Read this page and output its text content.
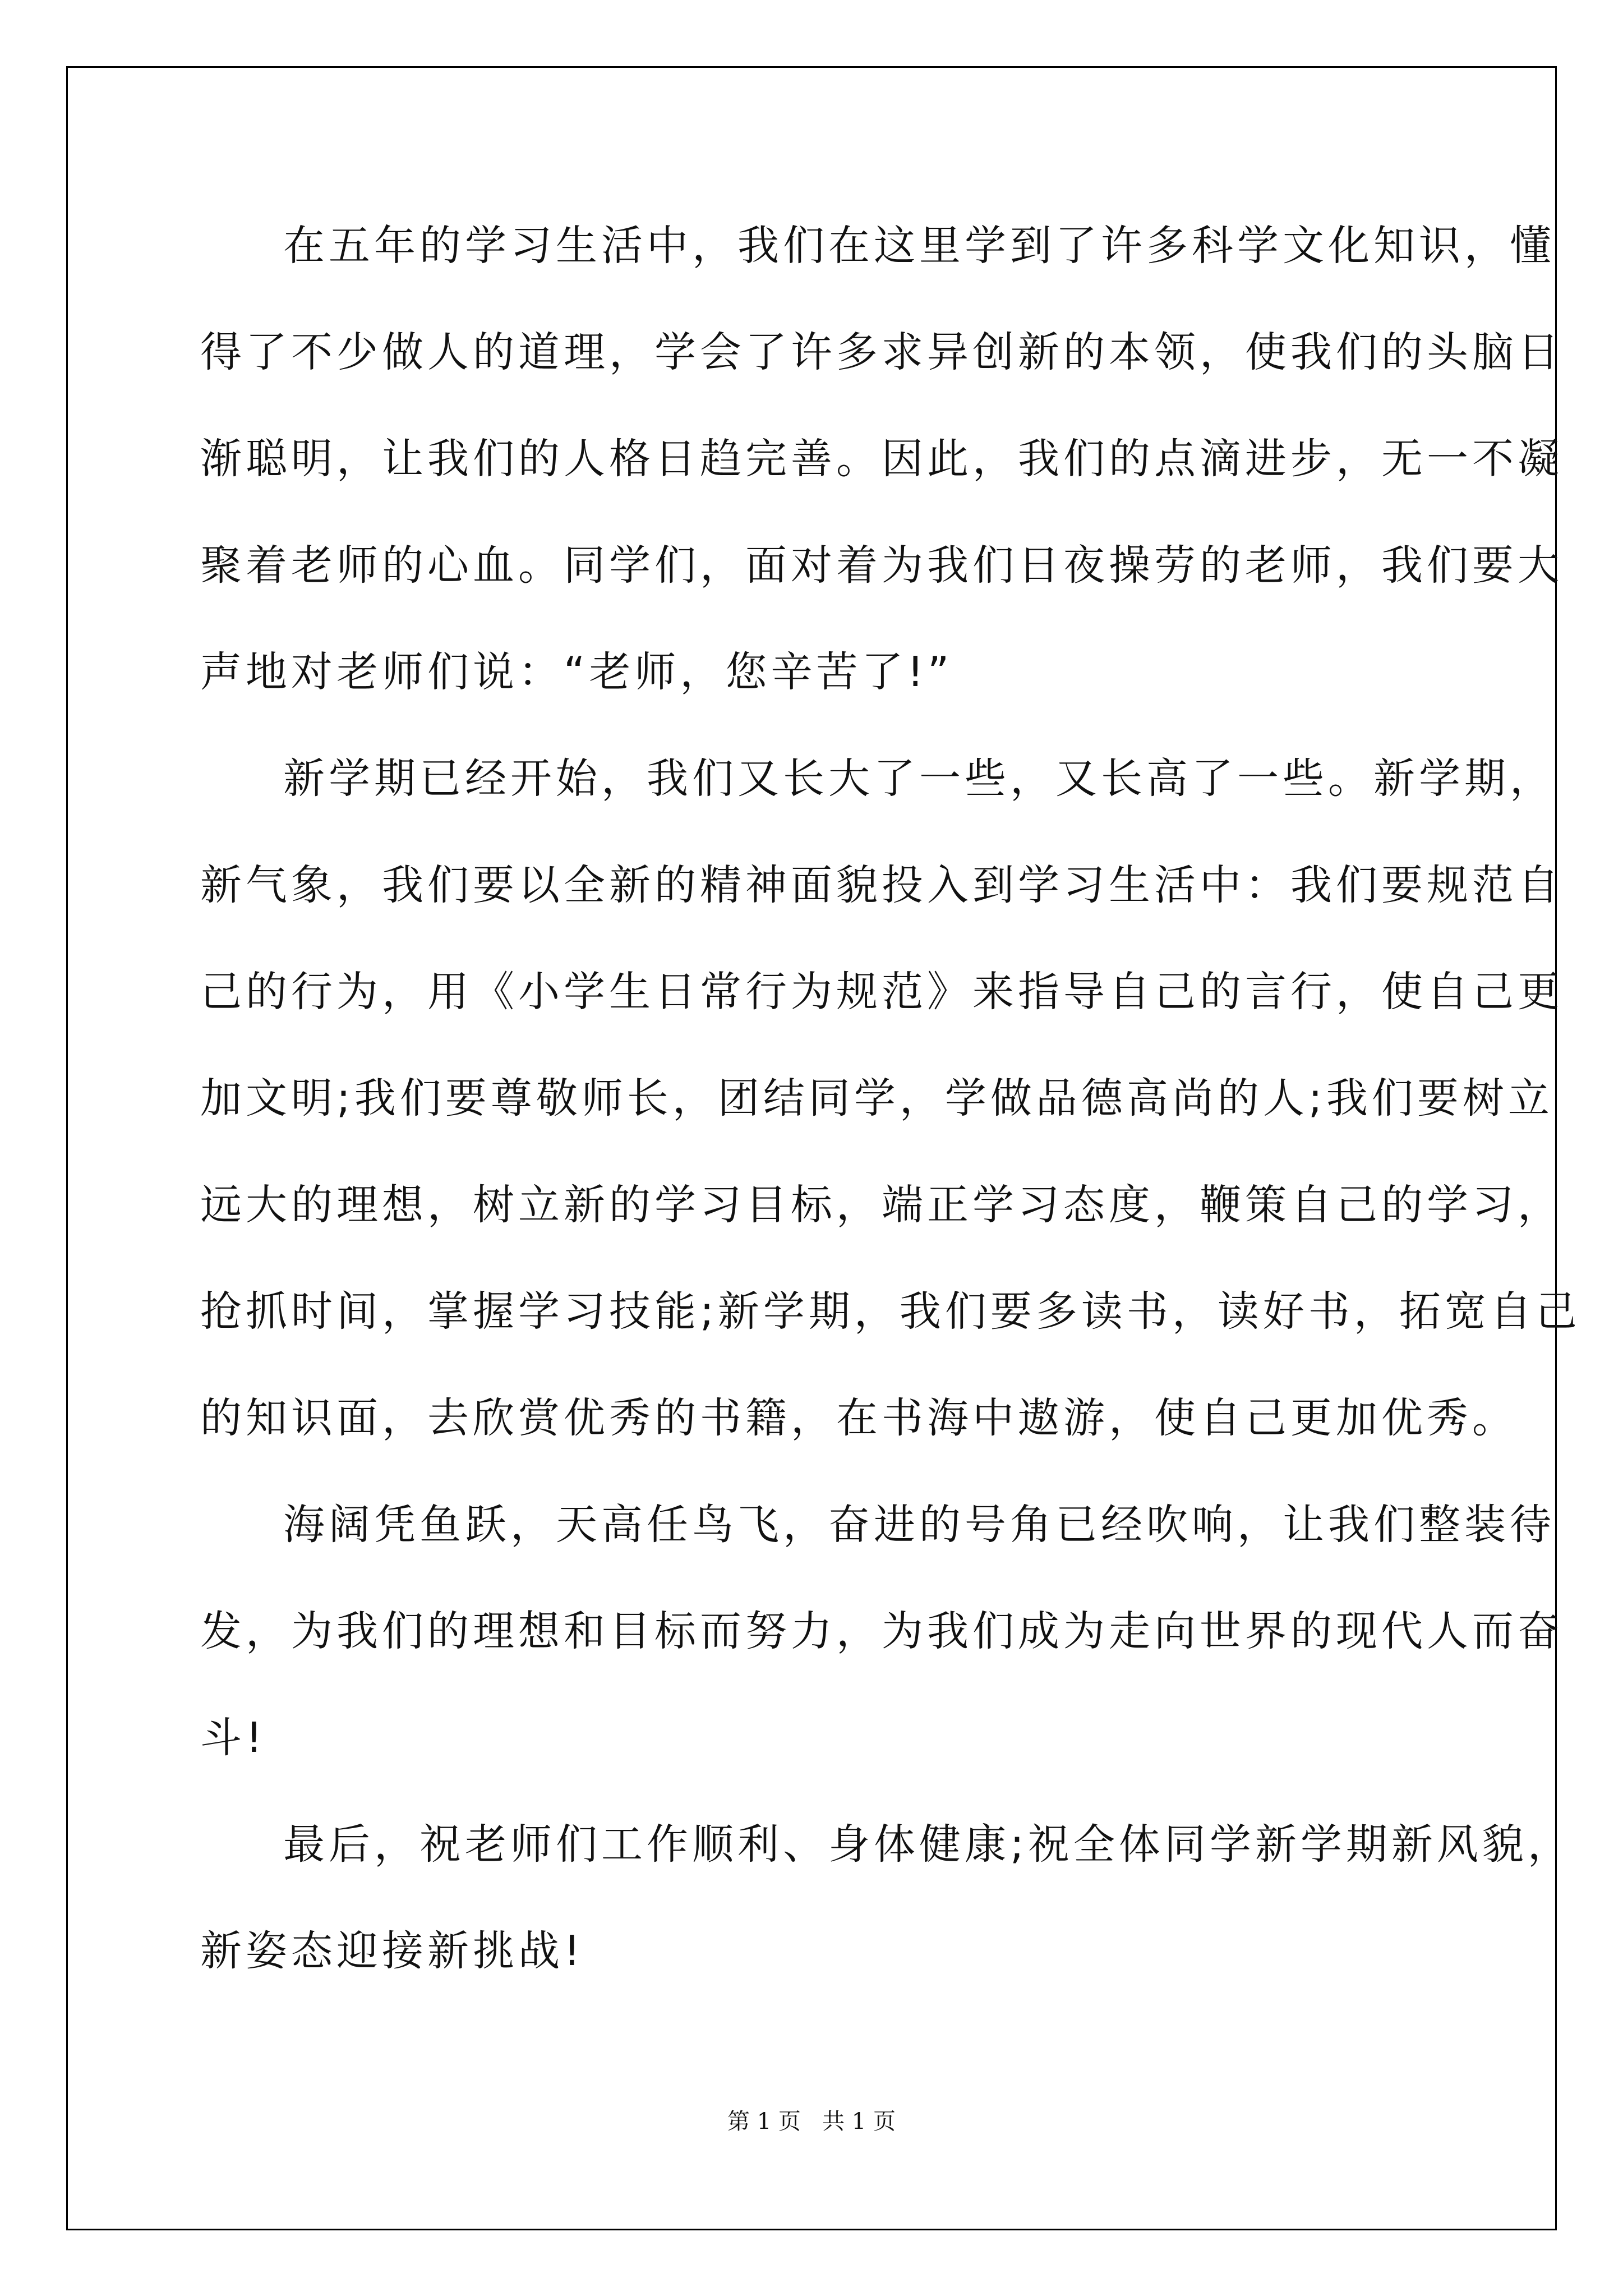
在五年的学习生活中，我们在这里学到了许多科学文化知识，懂
得了不少做人的道理，学会了许多求异创新的本领，使我们的头脑日
渐聪明，让我们的人格日趋完善。因此，我们的点滴进步，无一不凝
聚着老师的心血。同学们，面对着为我们日夜操劳的老师，我们要大
声地对老师们说：“老师，您辛苦了!”
新学期已经开始，我们又长大了一些，又长高了一些。新学期，
新气象，我们要以全新的精神面貌投入到学习生活中：我们要规范自
己的行为，用《小学生日常行为规范》来指导自己的言行，使自己更
加文明;我们要尊敬师长，团结同学，学做品德高尚的人;我们要树立
远大的理想，树立新的学习目标，端正学习态度，鞭策自己的学习，
抢抓时间，掌握学习技能;新学期，我们要多读书，读好书，拓宽自己
的知识面，去欣赏优秀的书籍，在书海中遨游，使自己更加优秀。
海阔凭鱼跃，天高任鸟飞，奋进的号角已经吹响，让我们整装待
发，为我们的理想和目标而努力，为我们成为走向世界的现代人而奋
斗!
最后，祝老师们工作顺利、身体健康;祝全体同学新学期新风貌，
新姿态迎接新挑战!
第 1 页   共 1 页
